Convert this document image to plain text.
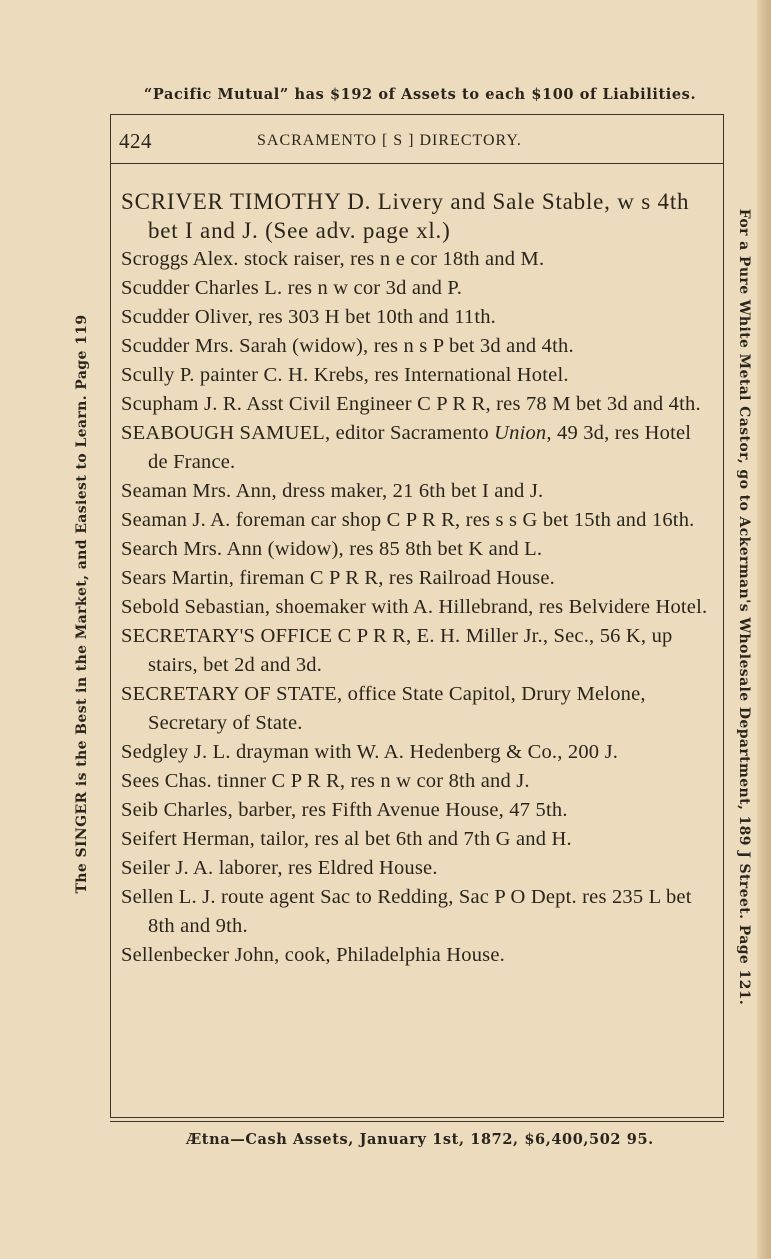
“Pacific Mutual” has $192 of Assets to each $100 of Liabilities.
The SINGER is the Best in the Market, and Easiest to Learn. Page 119	For a Pure White Metal Castor, go to Ackerman's Wholesale Department, 189 J Street. Page 121.
424	SACRAMENTO [ S ] DIRECTORY.

SCRIVER TIMOTHY D. Livery and Sale Stable, w s 4th bet I and J. (See adv. page xl.)

Scroggs Alex. stock raiser, res n e cor 18th and M.

Scudder Charles L. res n w cor 3d and P.

Scudder Oliver, res 303 H bet 10th and 11th.

Scudder Mrs. Sarah (widow), res n s P bet 3d and 4th.

Scully P. painter C. H. Krebs, res International Hotel.

Scupham J. R. Asst Civil Engineer C P R R, res 78 M bet 3d and 4th.

SEABOUGH SAMUEL, editor Sacramento Union, 49 3d, res Hotel de France.

Seaman Mrs. Ann, dress maker, 21 6th bet I and J.

Seaman J. A. foreman car shop C P R R, res s s G bet 15th and 16th.

Search Mrs. Ann (widow), res 85 8th bet K and L.

Sears Martin, fireman C P R R, res Railroad House.

Sebold Sebastian, shoemaker with A. Hillebrand, res Belvidere Hotel.

SECRETARY'S OFFICE C P R R, E. H. Miller Jr., Sec., 56 K, up stairs, bet 2d and 3d.

SECRETARY OF STATE, office State Capitol, Drury Melone, Secretary of State.

Sedgley J. L. drayman with W. A. Hedenberg & Co., 200 J.

Sees Chas. tinner C P R R, res n w cor 8th and J.

Seib Charles, barber, res Fifth Avenue House, 47 5th.

Seifert Herman, tailor, res al bet 6th and 7th G and H.

Seiler J. A. laborer, res Eldred House.

Sellen L. J. route agent Sac to Redding, Sac P O Dept. res 235 L bet 8th and 9th.

Sellenbecker John, cook, Philadelphia House.

Ætna—Cash Assets, January 1st, 1872, $6,400,502 95.
